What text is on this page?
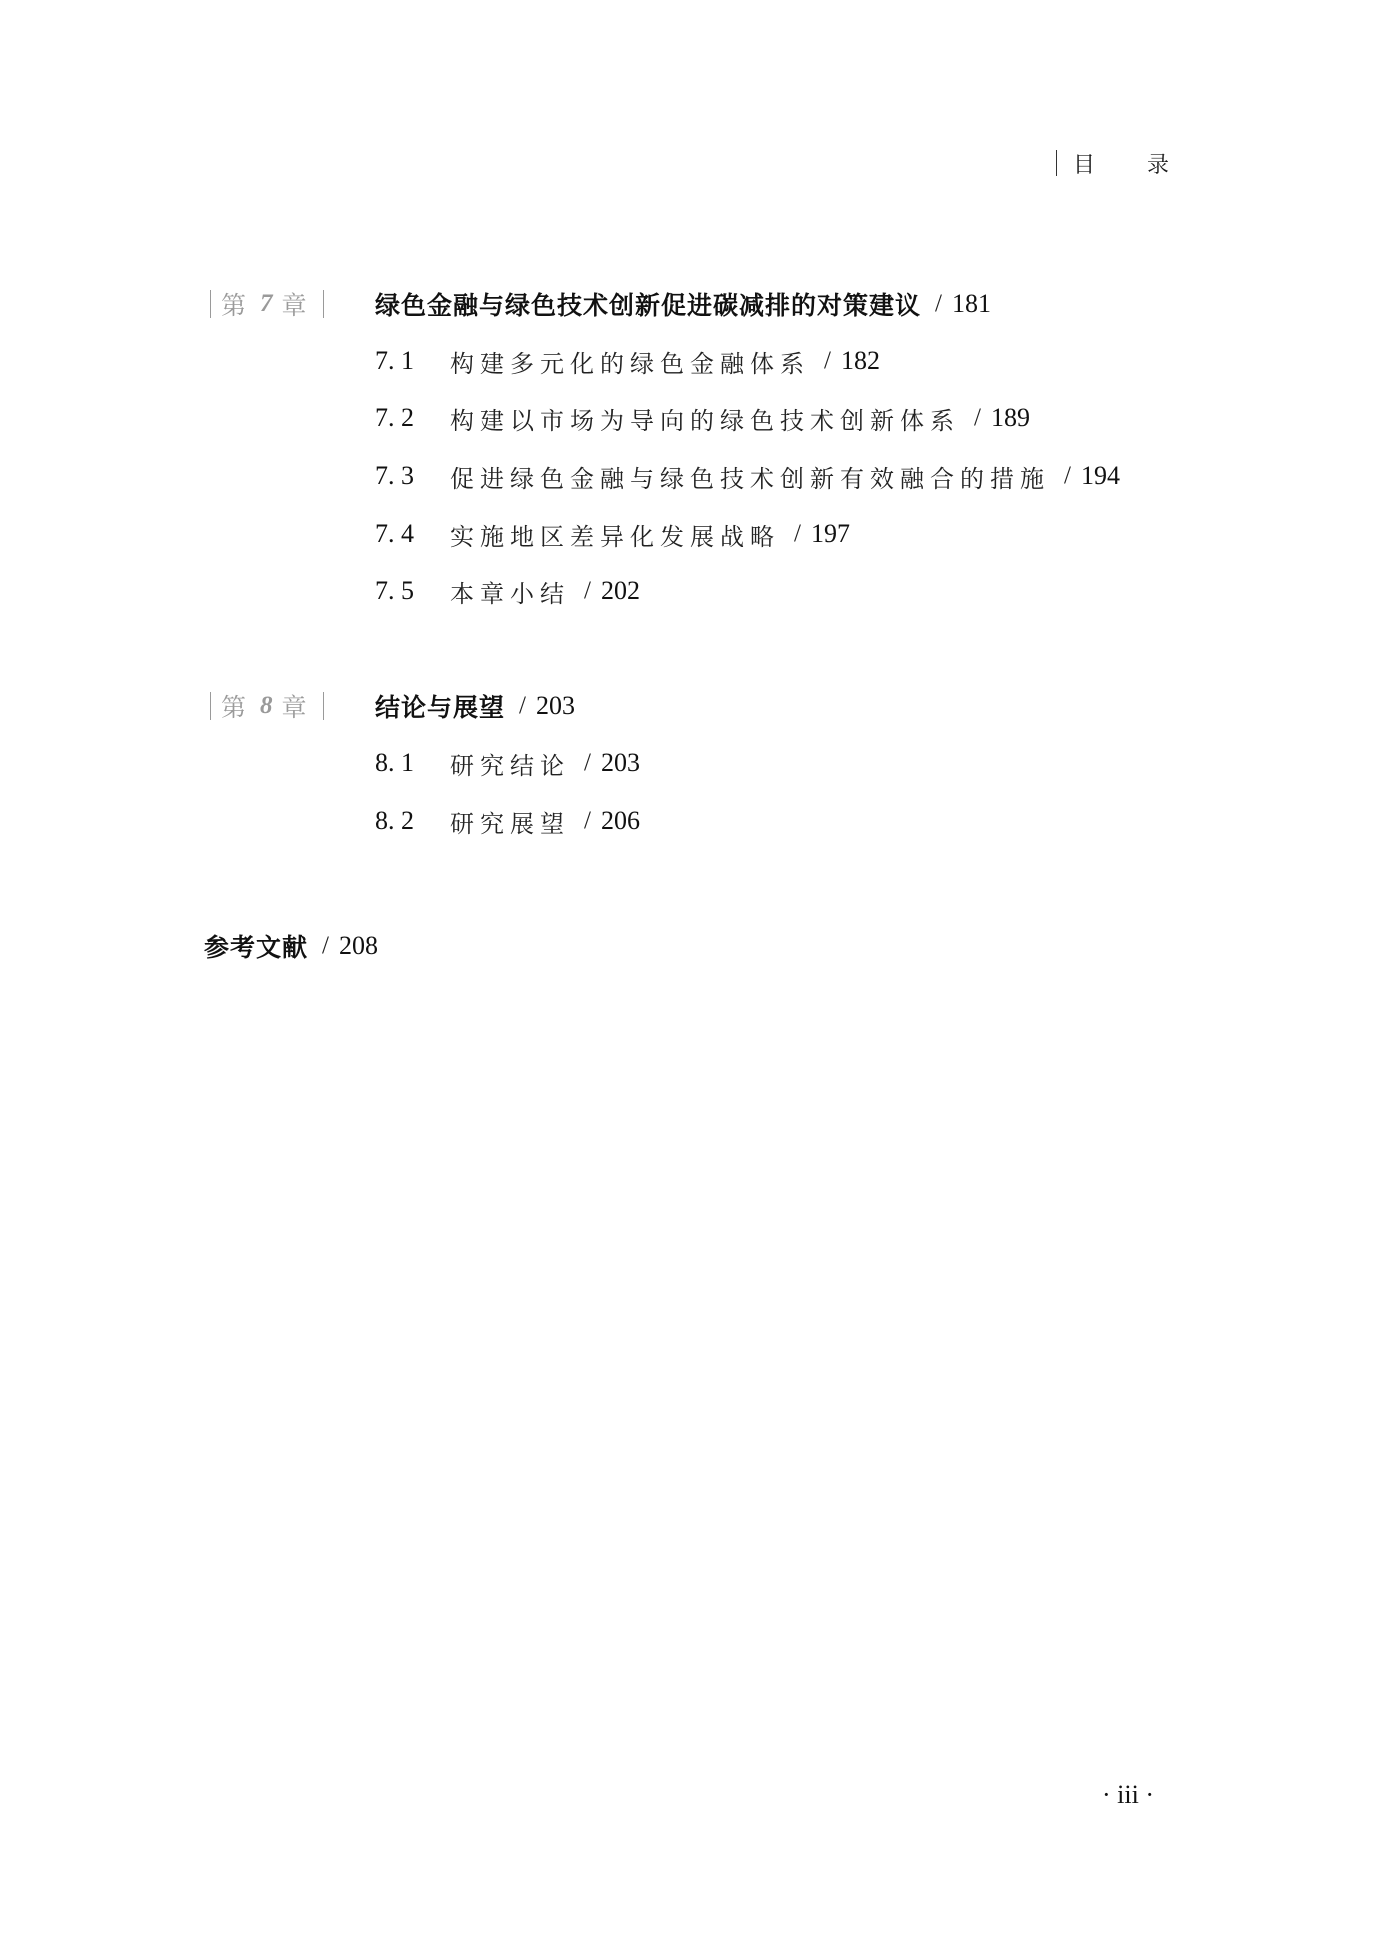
目 录
第 7 章 绿色金融与绿色技术创新促进碳减排的对策建议 / 181
7. 1	构建多元化的绿色金融体系 / 182
7. 2	构建以市场为导向的绿色技术创新体系 / 189
7. 3	促进绿色金融与绿色技术创新有效融合的措施 / 194
7. 4	实施地区差异化发展战略 / 197
7. 5	本章小结 / 202
第 8 章 结论与展望 / 203
8. 1	研究结论 / 203
8. 2	研究展望 / 206
参考文献 / 208
· iii ·
